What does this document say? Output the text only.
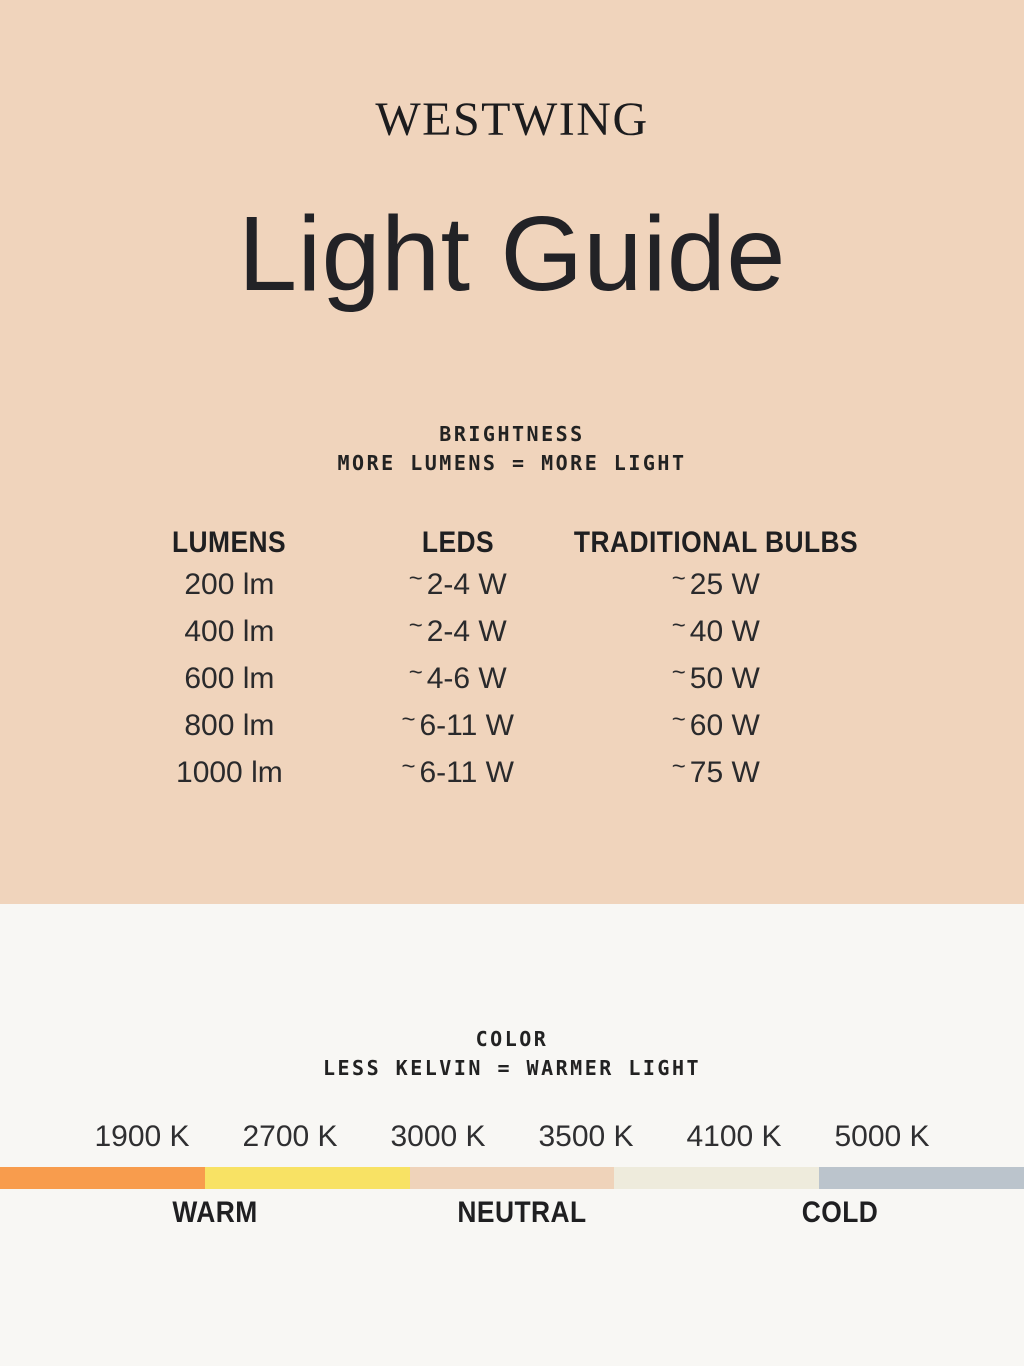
WESTWING
Light Guide
BRIGHTNESS
MORE LUMENS = MORE LIGHT
LUMENS	LEDS	TRADITIONAL BULBS
200 lm	~ 2-4 W	~ 25 W
400 lm	~ 2-4 W	~ 40 W
600 lm	~ 4-6 W	~ 50 W
800 lm	~ 6-11 W	~ 60 W
1000 lm	~ 6-11 W	~ 75 W
COLOR
LESS KELVIN = WARMER LIGHT
1900 K	2700 K	3000 K	3500 K	4100 K	5000 K
WARM	NEUTRAL	COLD
